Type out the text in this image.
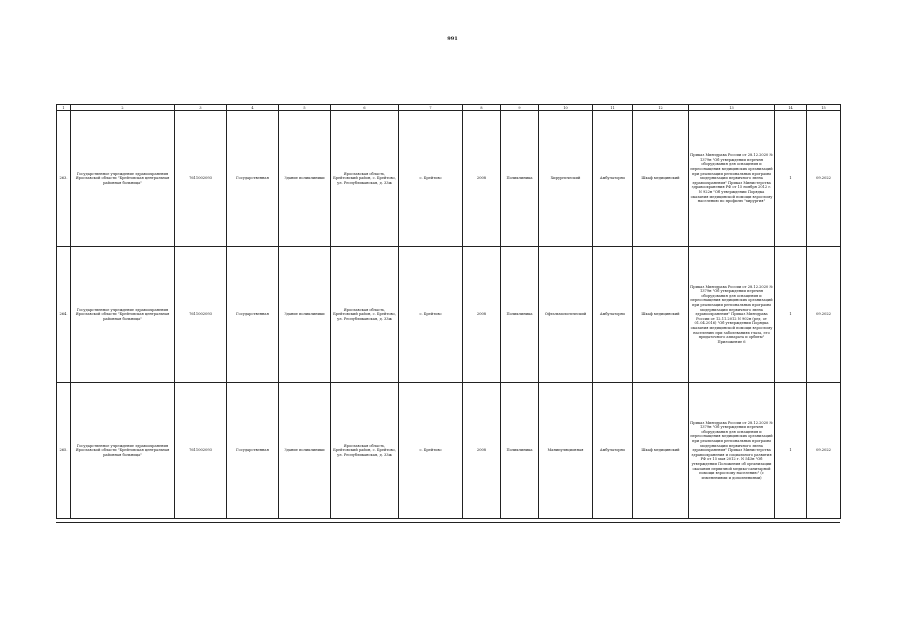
991
1	2	3	4	5	6	7	8	9	10	11	12	13	14	15
263.	Государственное учреждение здравоохранения Ярославской области "Брейтовская центральная районная больница"	7611002093	Государственная	Здание поликлиники	Ярославская область, Брейтовский район, с. Брейтово, ул. Республиканская, д. 33ж	с. Брейтово	2008	Поликлиника	Хирургический	Амбулаторно	Шкаф медицинский	Приказ Минздрава России от 28.12.2020 № 1379н "Об утверждении перечня оборудования для оснащения и переоснащения медицинских организаций при реализации региональных программ модернизации первичного звена здравоохранения" Приказ Министерства здравоохранения РФ от 15 ноября 2012 г. N 922н "Об утверждении Порядка оказания медицинской помощи взрослому населению по профилю "хирургия"	1	09.2022
264.	Государственное учреждение здравоохранения Ярославской области "Брейтовская центральная районная больница"	7611002093	Государственная	Здание поликлиники	Ярославская область, Брейтовский район, с. Брейтово, ул. Республиканская, д. 33ж	с. Брейтово	2008	Поликлиника	Офтальмологический	Амбулаторно	Шкаф медицинский	Приказ Минздрава России от 28.12.2020 № 1379н "Об утверждении перечня оборудования для оснащения и переоснащения медицинских организаций при реализации региональных программ модернизации первичного звена здравоохранения" Приказ Минздрава России от 12.11.2012 N 902н (ред. от 01.04.2016) "Об утверждении Порядка оказания медицинской помощи взрослому населению при заболеваниях глаза, его придаточного аппарата и орбиты" Приложение 6	1	09.2022
265.	Государственное учреждение здравоохранения Ярославской области "Брейтовская центральная районная больница"	7611002093	Государственная	Здание поликлиники	Ярославская область, Брейтовский район, с. Брейтово, ул. Республиканская, д. 33ж	с. Брейтово	2008	Поликлиника	Манипуляционная	Амбулаторно	Шкаф медицинский	Приказ Минздрава России от 28.12.2020 № 1379н "Об утверждении перечня оборудования для оснащения и переоснащения медицинских организаций при реализации региональных программ модернизации первичного звена здравоохранения" Приказ Министерства здравоохранения и социального развития РФ от 15 мая 2012 г. N 543н "Об утверждении Положения об организации оказания первичной медико-санитарной помощи взрослому населению" (с изменениями и дополнениями)	1	09.2022
